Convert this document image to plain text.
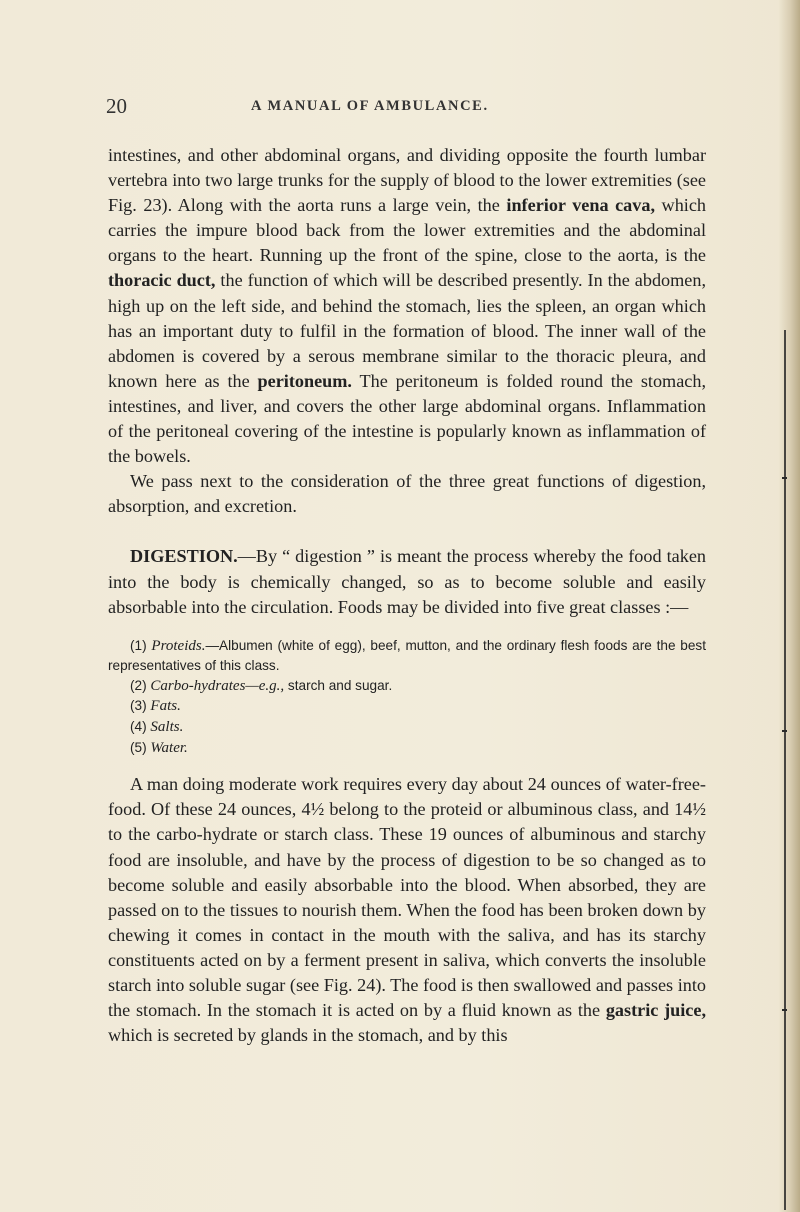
20	A MANUAL OF AMBULANCE.

intestines, and other abdominal organs, and dividing opposite the fourth lumbar vertebra into two large trunks for the supply of blood to the lower extremities (see Fig. 23). Along with the aorta runs a large vein, the inferior vena cava, which carries the impure blood back from the lower extremities and the abdominal organs to the heart. Running up the front of the spine, close to the aorta, is the thoracic duct, the function of which will be described presently. In the abdomen, high up on the left side, and behind the stomach, lies the spleen, an organ which has an important duty to fulfil in the formation of blood. The inner wall of the abdomen is covered by a serous membrane similar to the thoracic pleura, and known here as the peritoneum. The peritoneum is folded round the stomach, intestines, and liver, and covers the other large abdominal organs. Inflammation of the peritoneal covering of the intestine is popularly known as inflammation of the bowels.

We pass next to the consideration of the three great functions of digestion, absorption, and excretion.

DIGESTION.—By “ digestion ” is meant the process whereby the food taken into the body is chemically changed, so as to become soluble and easily absorbable into the circulation. Foods may be divided into five great classes :—

(1) Proteids.—Albumen (white of egg), beef, mutton, and the ordinary flesh foods are the best representatives of this class.
(2) Carbo-hydrates—e.g., starch and sugar.
(3) Fats.
(4) Salts.
(5) Water.

A man doing moderate work requires every day about 24 ounces of water-free-food. Of these 24 ounces, 4½ belong to the proteid or albuminous class, and 14½ to the carbo-hydrate or starch class. These 19 ounces of albuminous and starchy food are insoluble, and have by the process of digestion to be so changed as to become soluble and easily absorbable into the blood. When absorbed, they are passed on to the tissues to nourish them. When the food has been broken down by chewing it comes in contact in the mouth with the saliva, and has its starchy constituents acted on by a ferment present in saliva, which converts the insoluble starch into soluble sugar (see Fig. 24). The food is then swallowed and passes into the stomach. In the stomach it is acted on by a fluid known as the gastric juice, which is secreted by glands in the stomach, and by this
